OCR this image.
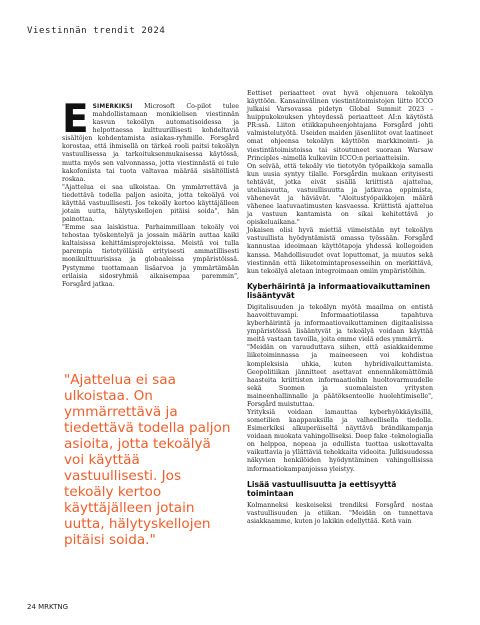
Viestinnän trendit 2024

ESIMERKIKSI Microsoft Co-pilot tulee mahdollistamaan monikielisen viestinnän kasvun tekoälyn automatisoidessa ja helpottaessa kulttuurillisesti kohdeltaviä sisältöjen kohdentamista asiakas-ryhmille. Forsgård korostaa, että ihmisellä on tärkeä rooli paitsi tekoälyn vastuullisessa ja tarkoituksenmukaisessa käytössä, mutta myös sen valvonnassa, jotta viestinnästä ei tule kakofoniista tai tuota valtavaa määrää sisältöllistä roskaa.

"Ajattelua ei saa ulkoistaa. On ymmärrettävä ja tiedettävä todella paljon asioita, jotta tekoälyä voi käyttää vastuullisesti. Jos tekoäly kertoo käyttäjälleen jotain uutta, hälytyskellojen pitäisi soida", hän painottaa.

"Emme saa laiskistua. Parhaimmillaan tekoäly voi tehostaa työskentelyä ja jossain määrin auttaa kaiki kaltaisissa kehittämisprojekteissa. Meistä voi tulla parempia tietotyöläisiä erityisesti ammatillisesti monikulttuurisissa ja globaaleissa ympäristöissä. Pystymme tuottamaan lisäarvoa ja ymmärtämään erilaisia sidosryhmiä aikaisempaa paremmin", Forsgård jatkaa.

"Ajattelua ei saa ulkoistaa. On ymmärrettävä ja tiedettävä todella paljon asioita, jotta tekoälyä voi käyttää vastuullisesti. Jos tekoäly kertoo käyttäjälleen jotain uutta, hälytyskellojen pitäisi soida."

Eettiset periaatteet ovat hyvä ohjenuora tekoälyn käyttöön. Kansainvälinen viestintätoimistojen liitto ICCO julkaisi Varsovassa pidetyn Global Summit 2023 -huippukokouksen yhteydessä periaatteet AI:n käytöstä PR:ssä. Liiton etiikkapuheenjohtajana Forsgård johti valmistelutyötä. Useiden maiden jäsenliitot ovat laatineet omat ohjeensa tekoälyn käyttöön markkinointi- ja viestintätoimistoissa tai sitoutuneet suoraan Warsaw Principles -nimellä kulkeviin ICCO:n periaatteisiin.

On selvää, että tekoäly vie tietotyön työpaikkoja samalla kun uusia syntyy tilalle. Forsgårdin mukaan erityisesti tehtävät, jotka eivät sisällä kriittistä ajattelua, uteliaisuutta, vastuullisuutta ja jatkuvaa oppimista, vähenevät ja häviävät. "Aloitustyöpaikkojen määrä vähenee laatuvaatimusten kasvaessa. Kriittistä ajattelua ja vastuun kantamista on sikai kehitettävä jo opiskeluaikana."

Jokaisen olisi hyvä miettiä viimeistään nyt tekoälyn vastuullista hyödyntämistä omassa työssään. Forsgård kannustaa ideoimaan käyttötapoja yhdessä kollegoiden kanssa. Mahdollisuudet ovat loputtomat, ja muutos sekä viestinnän että liiketoimintaprosesseihin on merkittävä, kun tekoälyä aletaan integroimaan omiin ympäristöihin.

Kyberhäirintä ja informaatiovaikuttaminen lisääntyvät

Digitalisuuden ja tekoälyn myötä maailma on entistä haavoittuvampi. Informaatiotilassa tapahtuva kyberhäirintä ja informaatiovaikuttaminen digitaalisissa ympäristöissä lisääntyvät ja tekoälyä voidaan käyttää meitä vastaan tavoilla, joita emme vielä edes ymmärrä.

"Meidän on varauduttava siihen, että asiakkaidemme liiketoiminnassa ja maineeseen voi kohdistua kompleksisia uhkia, kuten hybridivaikuttamista. Geopolitiikan jännitteet asettavat ennennäkemättömiä haasteita kriittisten informaatioihin huoltovarmuudelle sekä Suomen ja suomalaisten yritysten maineenhallinnalle ja päätöksenteolle huolehtimiselle", Forsgård muistuttaa.

Yrityksiä voidaan lamauttaa kyberhyökkäyksillä, sometilien kaappauksilla ja valheellisella tiedolla. Esimerkiksi alkuperäiseltä näyttävä brändikampanja voidaan muokata vahingolliseksi. Deep fake -teknologialla on helppoa, nopeaa ja edullista tuottaa uskottavalta vaikuttavia ja yllättäviä tehokkaita videoita. Julkisuudessa näkyvien henkilöiden hyödyntäminen vahingollisissa informaatiokampanjoissa yleistyy.

Lisää vastuullisuutta ja eettisyyttä toimintaan

Kolmanneksi keskeiseksi trendiksi Forsgård nostaa vastuullisuuden ja etiikan. "Meidän on tunnettava asiakkaamme, kuten jo lakikin edellyttää. Ketä vain

24 MRKTNG
